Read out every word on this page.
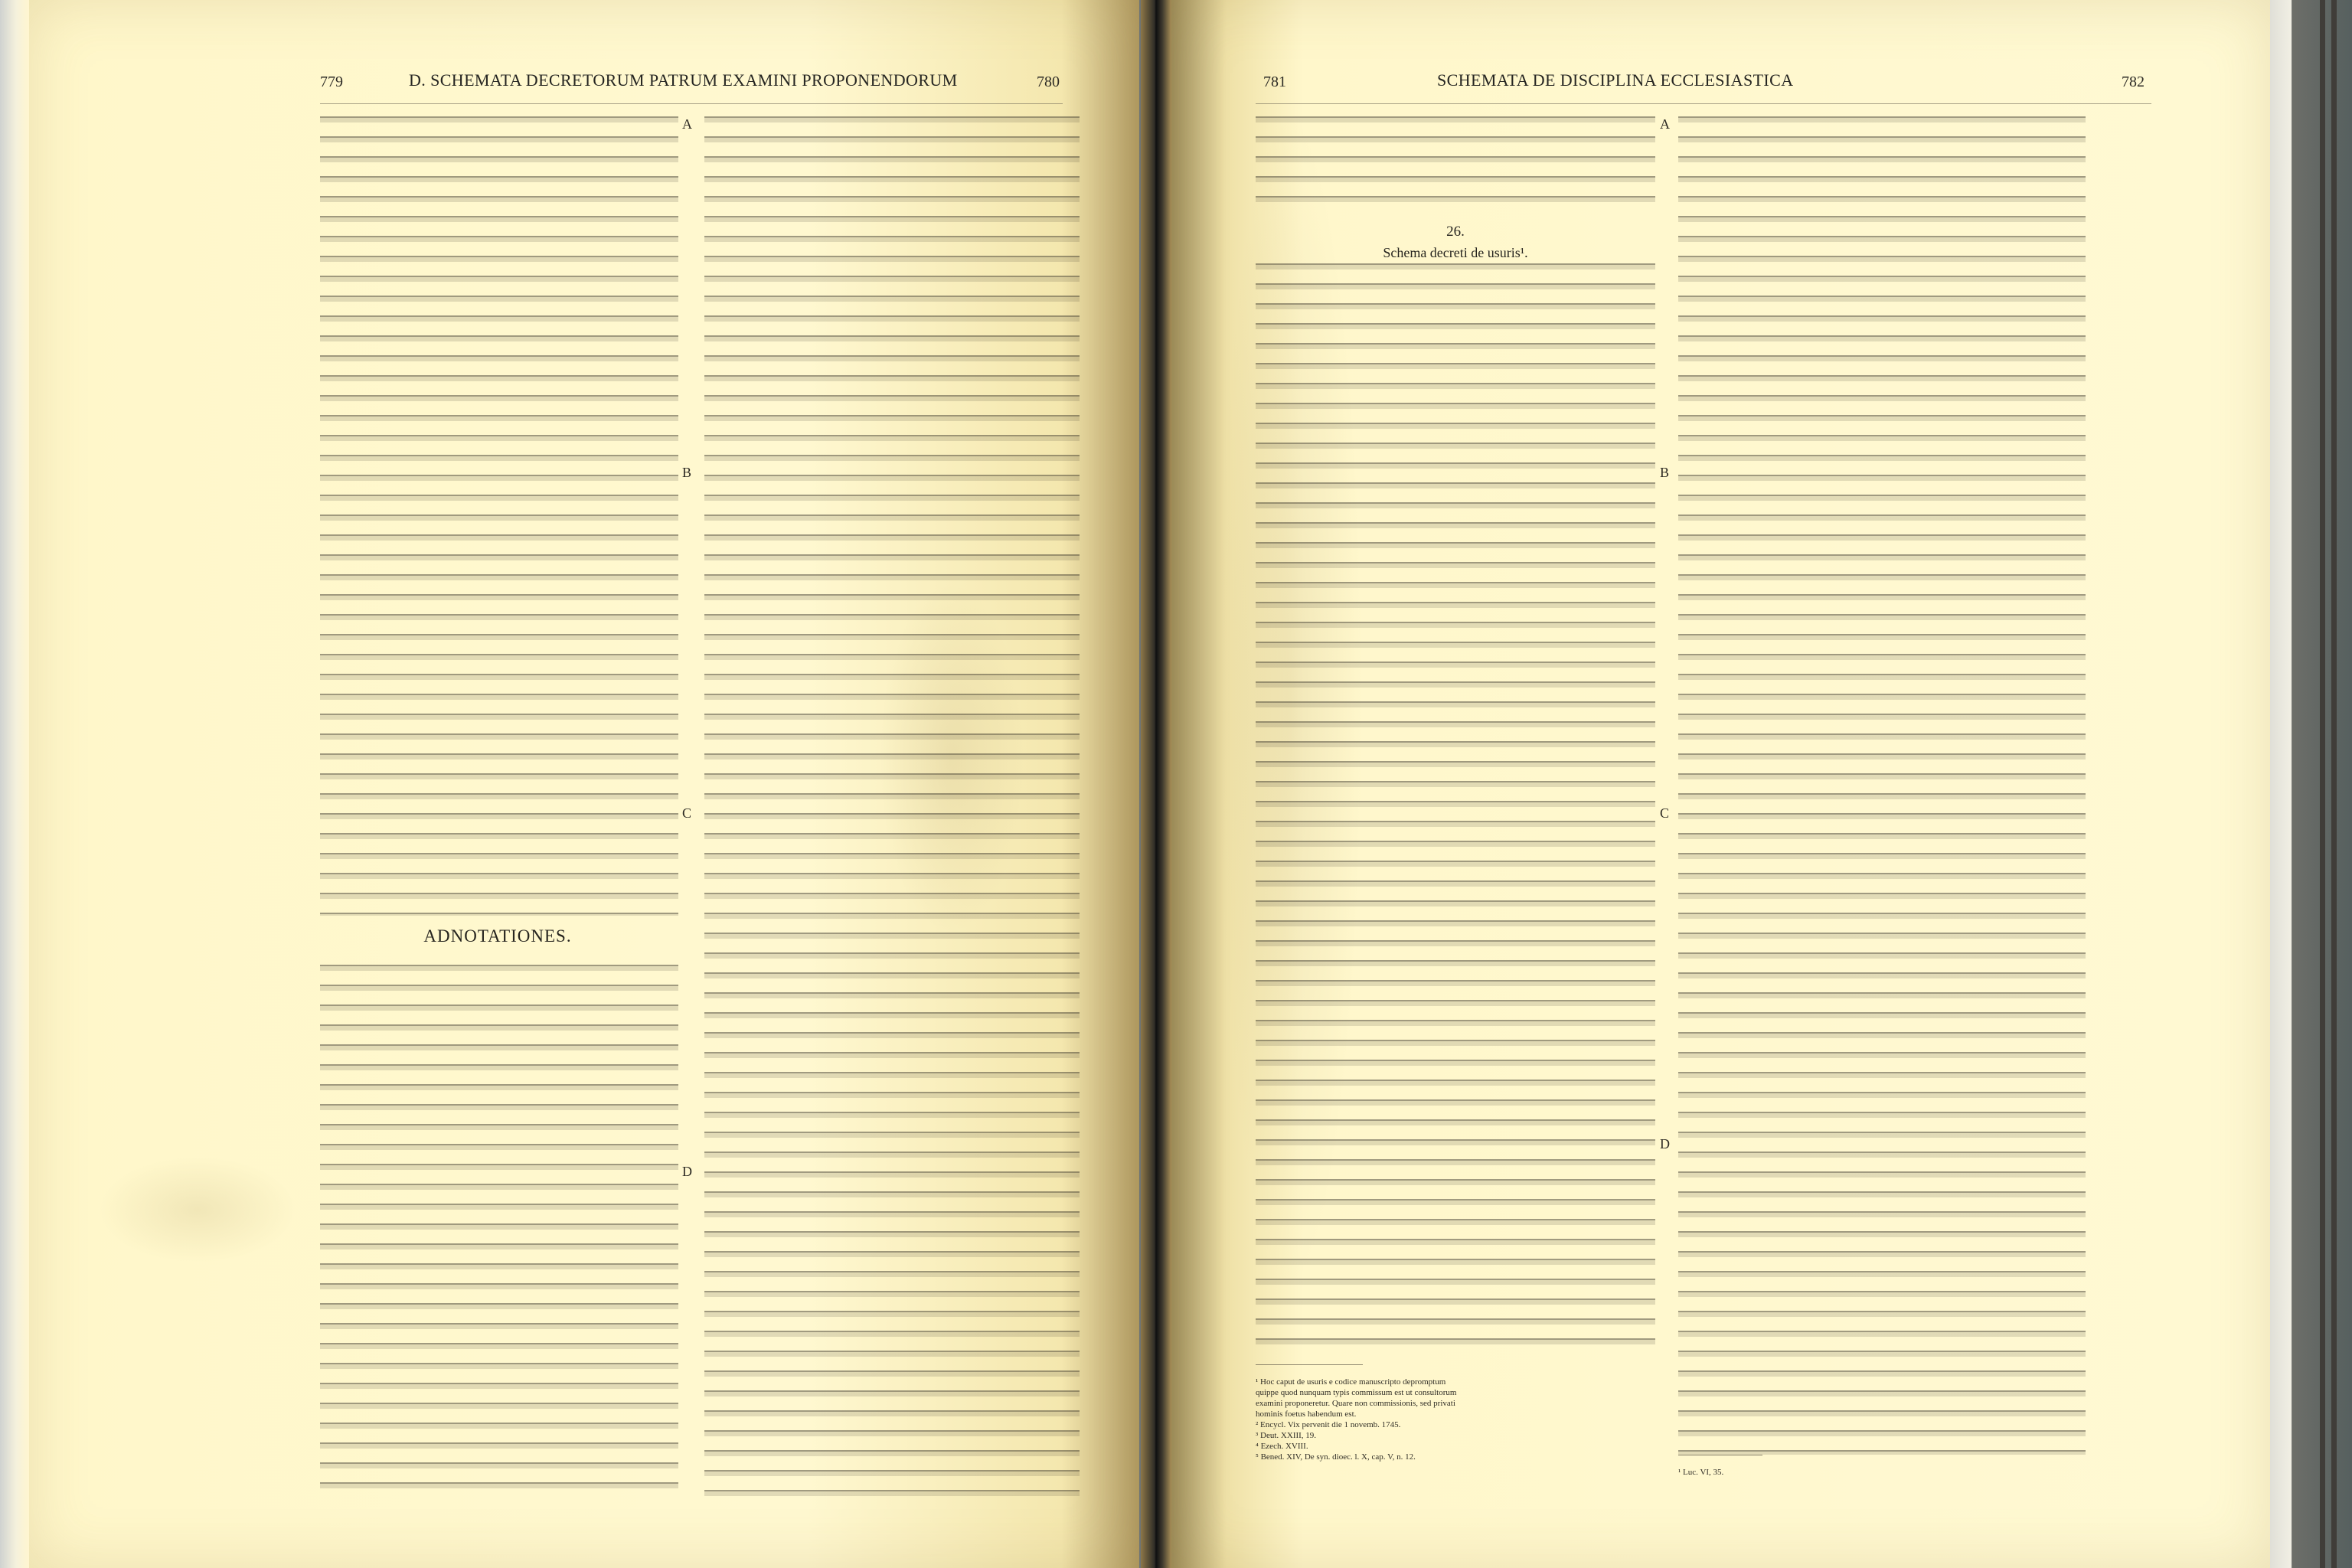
779	D. SCHEMATA DECRETORUM PATRUM EXAMINI PROPONENDORUM	780
ADNOTATIONES.
A
B
C
D
781	SCHEMATA DE DISCIPLINA ECCLESIASTICA	782
26.
Schema decreti de usuris¹.
¹ Hoc caput de usuris e codice manuscripto depromptum
quippe quod nunquam typis commissum est ut consultorum
examini proponeretur. Quare non commissionis, sed privati
hominis foetus habendum est.
² Encycl. Vix pervenit die 1 novemb. 1745.
³ Deut. XXIII, 19.
⁴ Ezech. XVIII.
⁵ Bened. XIV, De syn. dioec. l. X, cap. V, n. 12.
¹ Luc. VI, 35.
A
B
C
D
